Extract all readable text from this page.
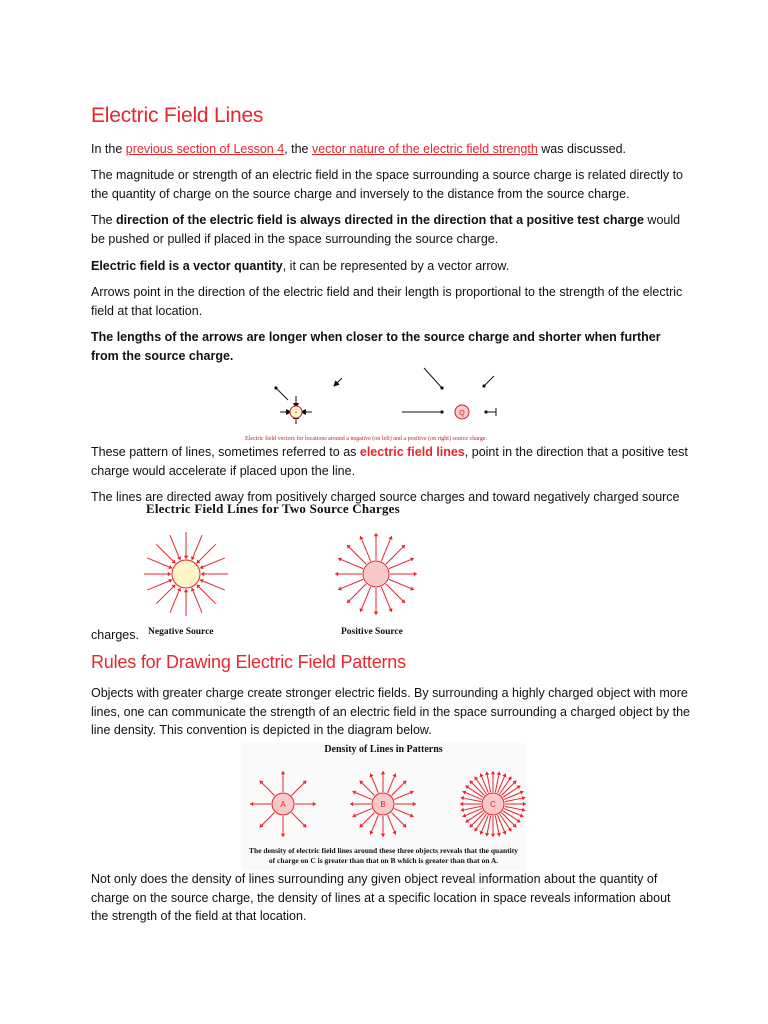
Electric Field Lines

In the previous section of Lesson 4, the vector nature of the electric field strength was discussed.

The magnitude or strength of an electric field in the space surrounding a source charge is related directly to the quantity of charge on the source charge and inversely to the distance from the source charge.

The direction of the electric field is always directed in the direction that a positive test charge would be pushed or pulled if placed in the space surrounding the source charge.

Electric field is a vector quantity, it can be represented by a vector arrow.

Arrows point in the direction of the electric field and their length is proportional to the strength of the electric field at that location.

The lengths of the arrows are longer when closer to the source charge and shorter when further from the source charge.

-	Q
Electric field vectors for locations around a negative (on left) and a positive (on right) source charge.

These pattern of lines, sometimes referred to as electric field lines, point in the direction that a positive test charge would accelerate if placed upon the line.

The lines are directed away from positively charged source charges and toward negatively charged source

Electric Field Lines for Two Source Charges
charges. Negative Source	Positive Source
Rules for Drawing Electric Field Patterns

Objects with greater charge create stronger electric fields. By surrounding a highly charged object with more lines, one can communicate the strength of an electric field in the space surrounding a charged object by the line density. This convention is depicted in the diagram below.

Density of Lines in Patterns
A	B	C
The density of electric field lines around these three objects reveals that the quantity
of charge on C is greater than that on B which is greater than that on A.

Not only does the density of lines surrounding any given object reveal information about the quantity of charge on the source charge, the density of lines at a specific location in space reveals information about the strength of the field at that location.
